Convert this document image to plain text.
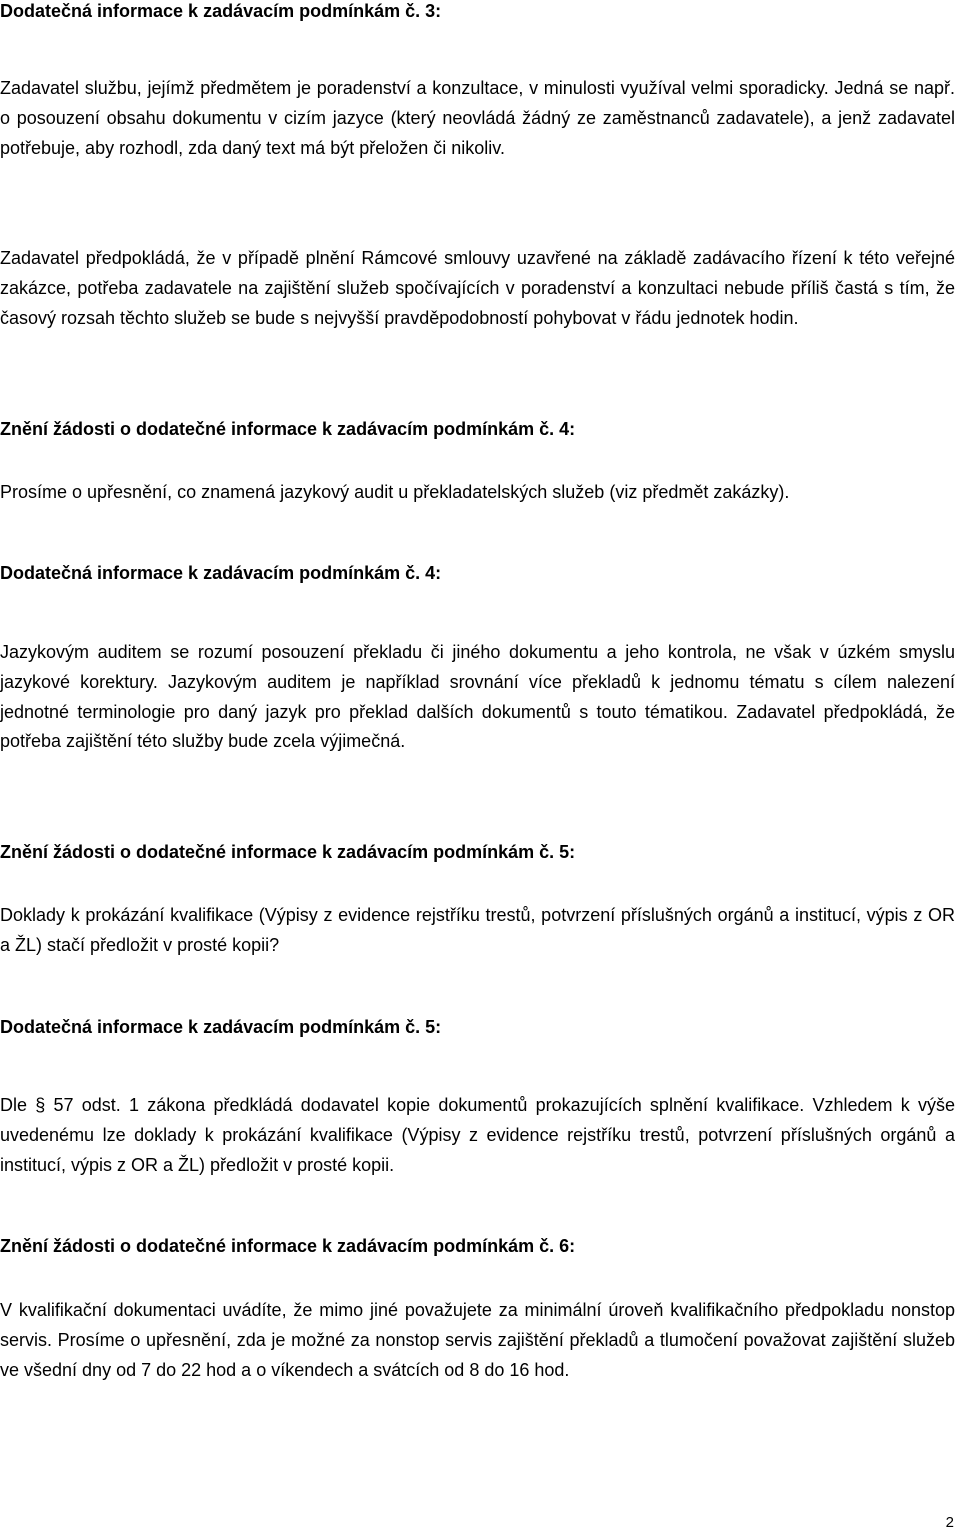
Dodatečná informace k zadávacím podmínkám č. 3:

Zadavatel službu, jejímž předmětem je poradenství a konzultace, v minulosti využíval velmi sporadicky. Jedná se např. o posouzení obsahu dokumentu v cizím jazyce (který neovládá žádný ze zaměstnanců zadavatele), a jenž zadavatel potřebuje, aby rozhodl, zda daný text má být přeložen či nikoliv.

Zadavatel předpokládá, že v případě plnění Rámcové smlouvy uzavřené na základě zadávacího řízení k této veřejné zakázce, potřeba zadavatele na zajištění služeb spočívajících v poradenství a konzultaci nebude příliš častá s tím, že časový rozsah těchto služeb se bude s nejvyšší pravděpodobností pohybovat v řádu jednotek hodin.

Znění žádosti o dodatečné informace k zadávacím podmínkám č. 4:

Prosíme o upřesnění, co znamená jazykový audit u překladatelských služeb (viz předmět zakázky).

Dodatečná informace k zadávacím podmínkám č. 4:

Jazykovým auditem se rozumí posouzení překladu či jiného dokumentu a jeho kontrola, ne však v úzkém smyslu jazykové korektury. Jazykovým auditem je například srovnání více překladů k jednomu tématu s cílem nalezení jednotné terminologie pro daný jazyk pro překlad dalších dokumentů s touto tématikou. Zadavatel předpokládá, že potřeba zajištění této služby bude zcela výjimečná.

Znění žádosti o dodatečné informace k zadávacím podmínkám č. 5:

Doklady k prokázání kvalifikace (Výpisy z evidence rejstříku trestů, potvrzení příslušných orgánů a institucí, výpis z OR a ŽL) stačí předložit v prosté kopii?

Dodatečná informace k zadávacím podmínkám č. 5:

Dle § 57 odst. 1 zákona předkládá dodavatel kopie dokumentů prokazujících splnění kvalifikace. Vzhledem k výše uvedenému lze doklady k prokázání kvalifikace (Výpisy z evidence rejstříku trestů, potvrzení příslušných orgánů a institucí, výpis z OR a ŽL) předložit v prosté kopii.

Znění žádosti o dodatečné informace k zadávacím podmínkám č. 6:

V kvalifikační dokumentaci uvádíte, že mimo jiné považujete za minimální úroveň kvalifikačního předpokladu nonstop servis. Prosíme o upřesnění, zda je možné za nonstop servis zajištění překladů a tlumočení považovat zajištění služeb ve všední dny od 7 do 22 hod a o víkendech a svátcích od 8 do 16 hod.

2
